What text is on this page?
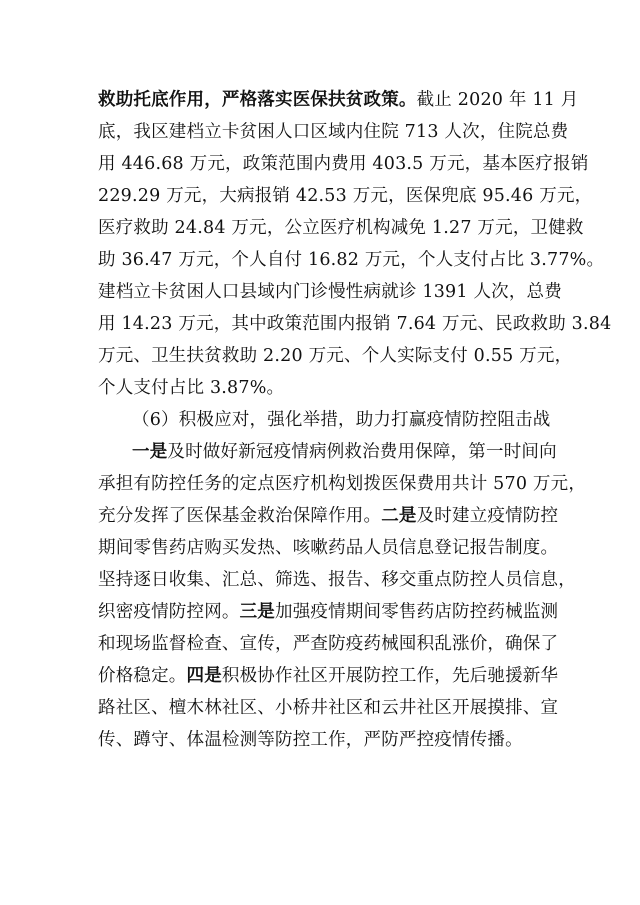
救助托底作用，严格落实医保扶贫政策。截止 2020 年 11 月
底，我区建档立卡贫困人口区域内住院 713 人次，住院总费
用 446.68 万元，政策范围内费用 403.5 万元，基本医疗报销
229.29 万元，大病报销 42.53 万元，医保兜底 95.46 万元，
医疗救助 24.84 万元，公立医疗机构减免 1.27 万元，卫健救
助 36.47 万元，个人自付 16.82 万元，个人支付占比 3.77%。
建档立卡贫困人口县域内门诊慢性病就诊 1391 人次，总费
用 14.23 万元，其中政策范围内报销 7.64 万元、民政救助 3.84
万元、卫生扶贫救助 2.20 万元、个人实际支付 0.55 万元，
个人支付占比 3.87%。
（6）积极应对，强化举措，助力打赢疫情防控阻击战
一是及时做好新冠疫情病例救治费用保障，第一时间向
承担有防控任务的定点医疗机构划拨医保费用共计 570 万元，
充分发挥了医保基金救治保障作用。二是及时建立疫情防控
期间零售药店购买发热、咳嗽药品人员信息登记报告制度。
坚持逐日收集、汇总、筛选、报告、移交重点防控人员信息，
织密疫情防控网。三是加强疫情期间零售药店防控药械监测
和现场监督检查、宣传，严查防疫药械囤积乱涨价，确保了
价格稳定。四是积极协作社区开展防控工作，先后驰援新华
路社区、檀木林社区、小桥井社区和云井社区开展摸排、宣
传、蹲守、体温检测等防控工作，严防严控疫情传播。
